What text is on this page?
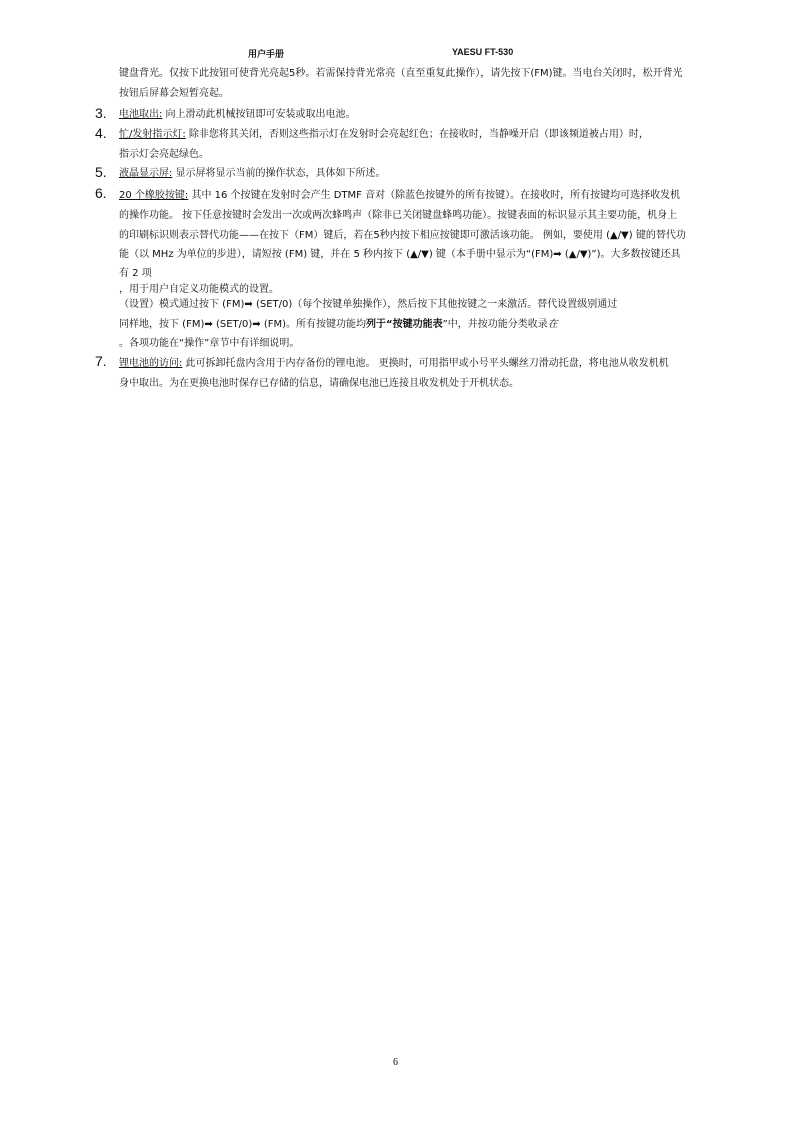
用户手册	YAESU FT-530
键盘背光。仅按下此按钮可使背光亮起5秒。若需保持背光常亮（直至重复此操作），请先按下(FM)键。当电台关闭时，松开背光
按钮后屏幕会短暂亮起。
3. 电池取出: 向上滑动此机械按钮即可安装或取出电池。
4. 忙/发射指示灯: 除非您将其关闭，否则这些指示灯在发射时会亮起红色；在接收时，当静噪开启（即该频道被占用）时，
指示灯会亮起绿色。
5. 液晶显示屏: 显示屏将显示当前的操作状态，具体如下所述。
6. 20 个橡胶按键: 其中 16 个按键在发射时会产生 DTMF 音对（除蓝色按键外的所有按键）。在接收时，所有按键均可选择收发机
的操作功能。 按下任意按键时会发出一次或两次蜂鸣声（除非已关闭键盘蜂鸣功能）。按键表面的标识显示其主要功能，机身上
的印刷标识则表示替代功能——在按下（FM）键后，若在5秒内按下相应按键即可激活该功能。 例如，要使用 (▲/▼) 键的替代功
能（以 MHz 为单位的步进），请短按 (FM) 键，并在 5 秒内按下 (▲/▼) 键（本手册中显示为“(FM)➡ (▲/▼)”)。大多数按键还具
有 2 项
，用于用户自定义功能模式的设置。
（设置）模式通过按下 (FM)➡ (SET/0)（每个按键单独操作），然后按下其他按键之一来激活。替代设置级别通过
同样地，按下 (FM)➡ (SET/0)➡ (FM)。所有按键功能均列于“按键功能表”中，并按功能分类收录在
。各项功能在“操作”章节中有详细说明。
7. 锂电池的访问: 此可拆卸托盘内含用于内存备份的锂电池。 更换时，可用指甲或小号平头螺丝刀滑动托盘，将电池从收发机机
身中取出。为在更换电池时保存已存储的信息，请确保电池已连接且收发机处于开机状态。
6
